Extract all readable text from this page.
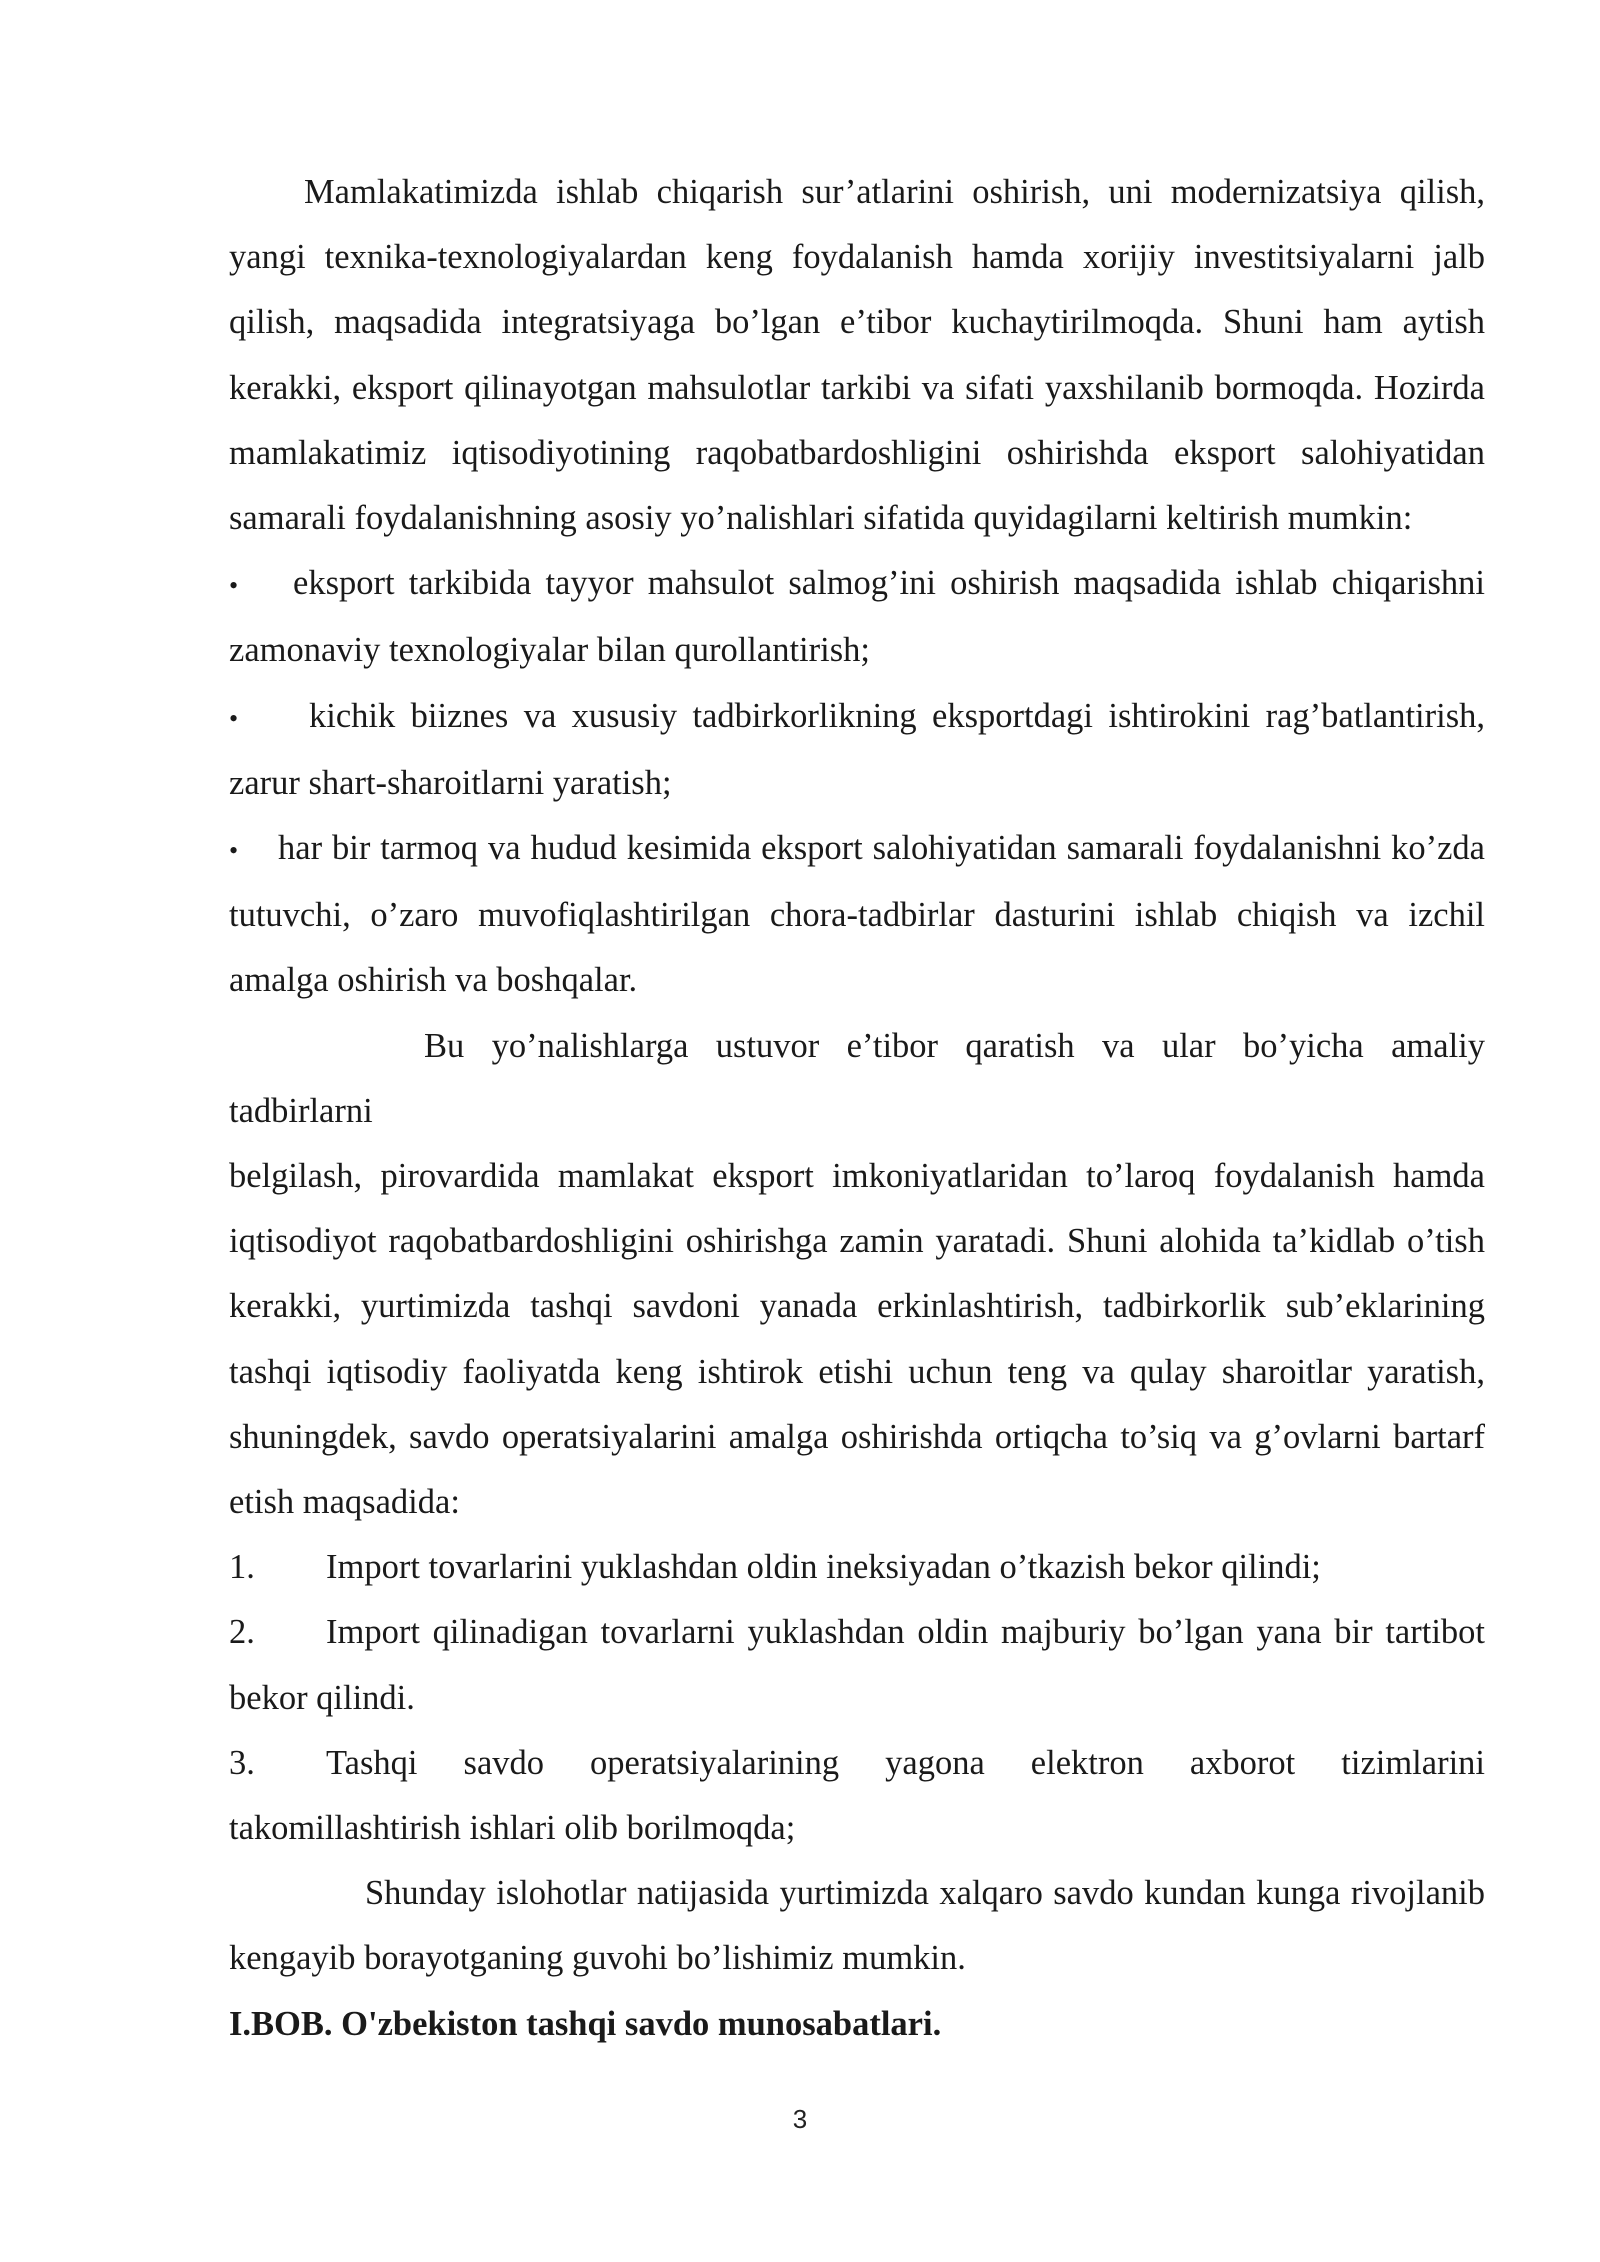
Mamlakatimizda ishlab chiqarish sur’atlarini oshirish, uni modernizatsiya qilish, yangi texnika-texnologiyalardan keng foydalanish hamda xorijiy investitsiyalarni jalb qilish, maqsadida integratsiyaga bo’lgan e’tibor kuchaytirilmoqda. Shuni ham aytish kerakki, eksport qilinayotgan mahsulotlar tarkibi va sifati yaxshilanib bormoqda. Hozirda mamlakatimiz iqtisodiyotining raqobatbardoshligini oshirishda eksport salohiyatidan samarali foydalanishning asosiy yo’nalishlari sifatida quyidagilarni keltirish mumkin:

• eksport tarkibida tayyor mahsulot salmog’ini oshirish maqsadida ishlab chiqarishni zamonaviy texnologiyalar bilan qurollantirish;

• kichik biiznes va xususiy tadbirkorlikning eksportdagi ishtirokini rag’batlantirish, zarur shart-sharoitlarni yaratish;

• har bir tarmoq va hudud kesimida eksport salohiyatidan samarali foydalanishni ko’zda tutuvchi, o’zaro muvofiqlashtirilgan chora-tadbirlar dasturini ishlab chiqish va izchil amalga oshirish va boshqalar.

Bu yo’nalishlarga ustuvor e’tibor qaratish va ular bo’yicha amaliy tadbirlarni

belgilash, pirovardida mamlakat eksport imkoniyatlaridan to’laroq foydalanish hamda iqtisodiyot raqobatbardoshligini oshirishga zamin yaratadi. Shuni alohida ta’kidlab o’tish kerakki, yurtimizda tashqi savdoni yanada erkinlashtirish, tadbirkorlik sub’eklarining tashqi iqtisodiy faoliyatda keng ishtirok etishi uchun teng va qulay sharoitlar yaratish, shuningdek, savdo operatsiyalarini amalga oshirishda ortiqcha to’siq va g’ovlarni bartarf etish maqsadida:

1. Import tovarlarini yuklashdan oldin ineksiyadan o’tkazish bekor qilindi;

2. Import qilinadigan tovarlarni yuklashdan oldin majburiy bo’lgan yana bir tartibot bekor qilindi.

3. Tashqi savdo operatsiyalarining yagona elektron axborot tizimlarini takomillashtirish ishlari olib borilmoqda;

Shunday islohotlar natijasida yurtimizda xalqaro savdo kundan kunga rivojlanib kengayib borayotganing guvohi bo’lishimiz mumkin.

I.BOB. O'zbekiston tashqi savdo munosabatlari.

3
